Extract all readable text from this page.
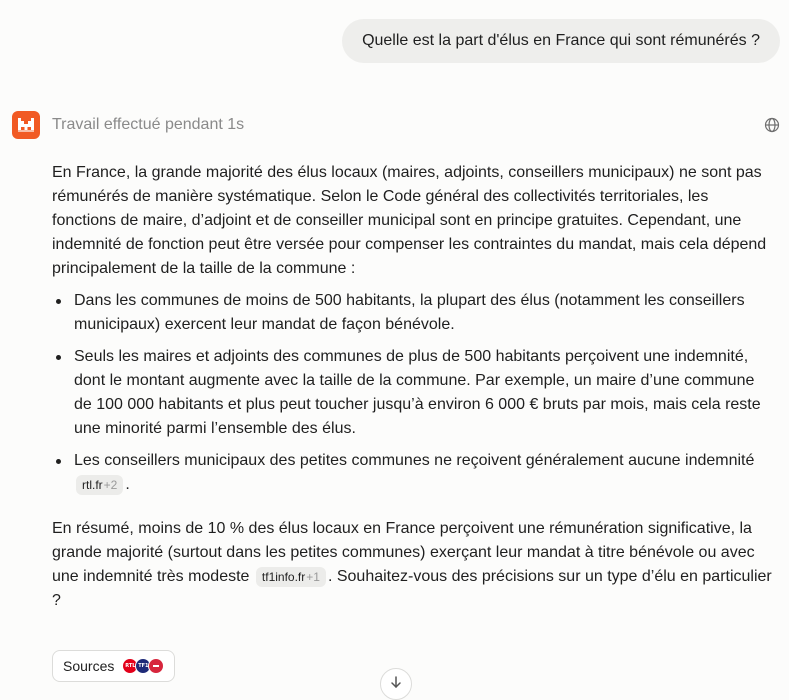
Quelle est la part d'élus en France qui sont rémunérés ?
Travail effectué pendant 1s

En France, la grande majorité des élus locaux (maires, adjoints, conseillers municipaux) ne sont pas rémunérés de manière systématique. Selon le Code général des collectivités territoriales, les fonctions de maire, d’adjoint et de conseiller municipal sont en principe gratuites. Cependant, une indemnité de fonction peut être versée pour compenser les contraintes du mandat, mais cela dépend principalement de la taille de la commune :

Dans les communes de moins de 500 habitants, la plupart des élus (notamment les conseillers municipaux) exercent leur mandat de façon bénévole.
Seuls les maires et adjoints des communes de plus de 500 habitants perçoivent une indemnité, dont le montant augmente avec la taille de la commune. Par exemple, un maire d’une commune de 100 000 habitants et plus peut toucher jusqu’à environ 6 000 € bruts par mois, mais cela reste une minorité parmi l’ensemble des élus.
Les conseillers municipaux des petites communes ne reçoivent généralement aucune indemnité rtl.fr+2 .

En résumé, moins de 10 % des élus locaux en France perçoivent une rémunération significative, la grande majorité (surtout dans les petites communes) exerçant leur mandat à titre bénévole ou avec une indemnité très modeste tf1info.fr+1 . Souhaitez-vous des précisions sur un type d’élu en particulier ?

Sources	RTL TF1
